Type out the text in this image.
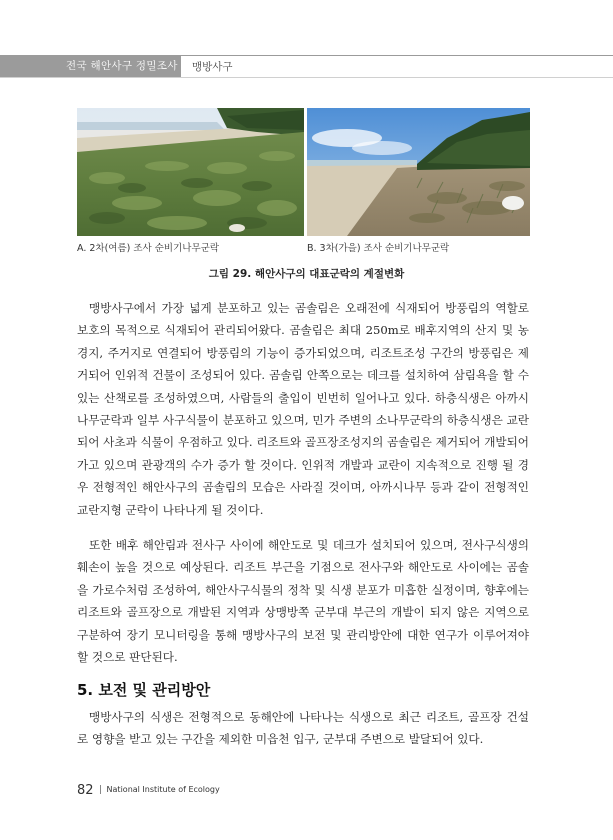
전국 해안사구 정밀조사 맹방사구
A. 2차(여름) 조사 순비기나무군락	B. 3차(가을) 조사 순비기나무군락
그림 29. 해안사구의 대표군락의 계절변화
맹방사구에서 가장 넓게 분포하고 있는 곰솔림은 오래전에 식재되어 방풍림의 역할로 보호의 목적으로 식재되어 관리되어왔다. 곰솔림은 최대 250m로 배후지역의 산지 및 농경지, 주거지로 연결되어 방풍림의 기능이 증가되었으며, 리조트조성 구간의 방풍림은 제거되어 인위적 건물이 조성되어 있다. 곰솔림 안쪽으로는 데크를 설치하여 삼림욕을 할 수 있는 산책로를 조성하였으며, 사람들의 출입이 빈번히 일어나고 있다. 하층식생은 아까시나무군락과 일부 사구식물이 분포하고 있으며, 민가 주변의 소나무군락의 하층식생은 교란되어 사초과 식물이 우점하고 있다. 리조트와 골프장조성지의 곰솔림은 제거되어 개발되어가고 있으며 관광객의 수가 증가 할 것이다. 인위적 개발과 교란이 지속적으로 진행 될 경우 전형적인 해안사구의 곰솔림의 모습은 사라질 것이며, 아까시나무 등과 같이 전형적인 교란지형 군락이 나타나게 될 것이다.
또한 배후 해안림과 전사구 사이에 해안도로 및 데크가 설치되어 있으며, 전사구식생의 훼손이 높을 것으로 예상된다. 리조트 부근을 기점으로 전사구와 해안도로 사이에는 곰솔을 가로수처럼 조성하여, 해안사구식물의 정착 및 식생 분포가 미흡한 실정이며, 향후에는 리조트와 골프장으로 개발된 지역과 상맹방쪽 군부대 부근의 개발이 되지 않은 지역으로 구분하여 장기 모니터링을 통해 맹방사구의 보전 및 관리방안에 대한 연구가 이루어져야 할 것으로 판단된다.
5. 보전 및 관리방안
맹방사구의 식생은 전형적으로 동해안에 나타나는 식생으로 최근 리조트, 골프장 건설로 영향을 받고 있는 구간을 제외한 미읍천 입구, 군부대 주변으로 발달되어 있다.
82 National Institute of Ecology
